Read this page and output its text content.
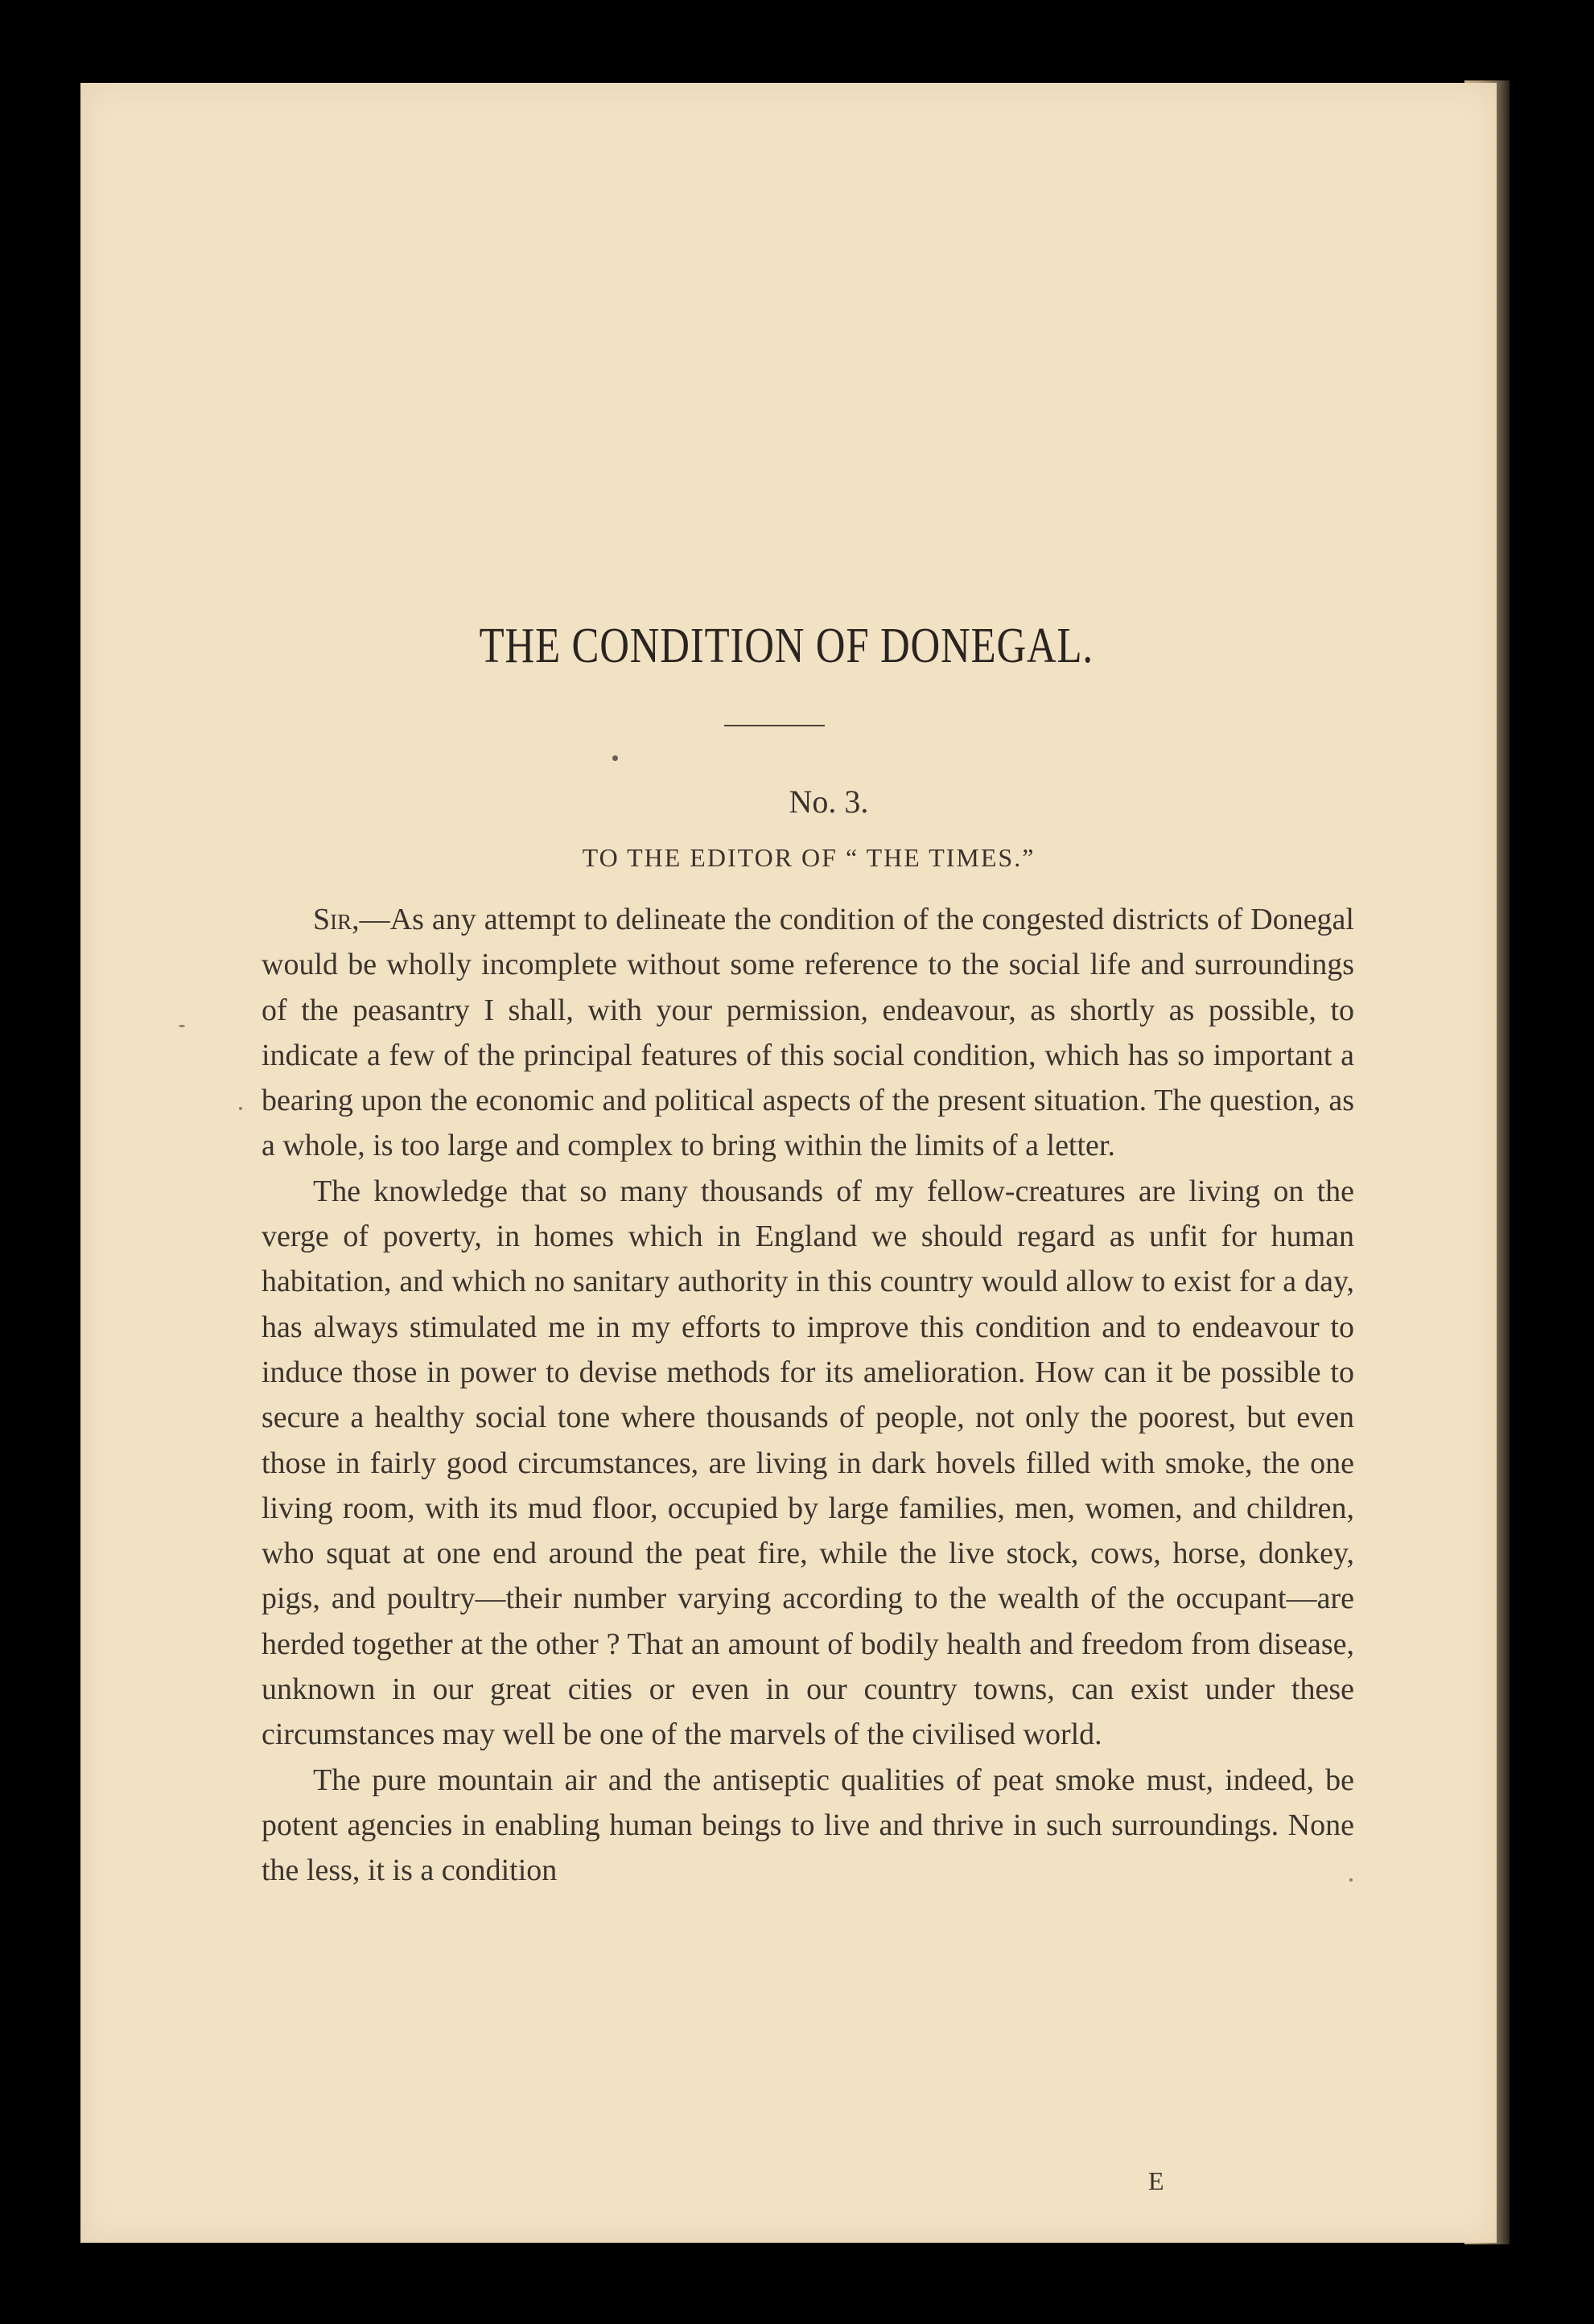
THE CONDITION OF DONEGAL.
No. 3.
TO THE EDITOR OF “ THE TIMES.”

Sir,—As any attempt to delineate the condition of the congested districts of Donegal would be wholly incomplete without some reference to the social life and surroundings of the peasantry I shall, with your permission, endeavour, as shortly as possible, to indicate a few of the principal features of this social condition, which has so important a bearing upon the economic and political aspects of the present situation. The question, as a whole, is too large and complex to bring within the limits of a letter.

The knowledge that so many thousands of my fellow-creatures are living on the verge of poverty, in homes which in England we should regard as unfit for human habitation, and which no sanitary authority in this country would allow to exist for a day, has always stimulated me in my efforts to improve this condition and to endeavour to induce those in power to devise methods for its amelioration. How can it be possible to secure a healthy social tone where thousands of people, not only the poorest, but even those in fairly good circumstances, are living in dark hovels filled with smoke, the one living room, with its mud floor, occupied by large families, men, women, and children, who squat at one end around the peat fire, while the live stock, cows, horse, donkey, pigs, and poultry—their number varying according to the wealth of the occupant—are herded together at the other ? That an amount of bodily health and freedom from disease, unknown in our great cities or even in our country towns, can exist under these circumstances may well be one of the marvels of the civilised world.

The pure mountain air and the antiseptic qualities of peat smoke must, indeed, be potent agencies in enabling human beings to live and thrive in such surroundings. None the less, it is a condition

E
